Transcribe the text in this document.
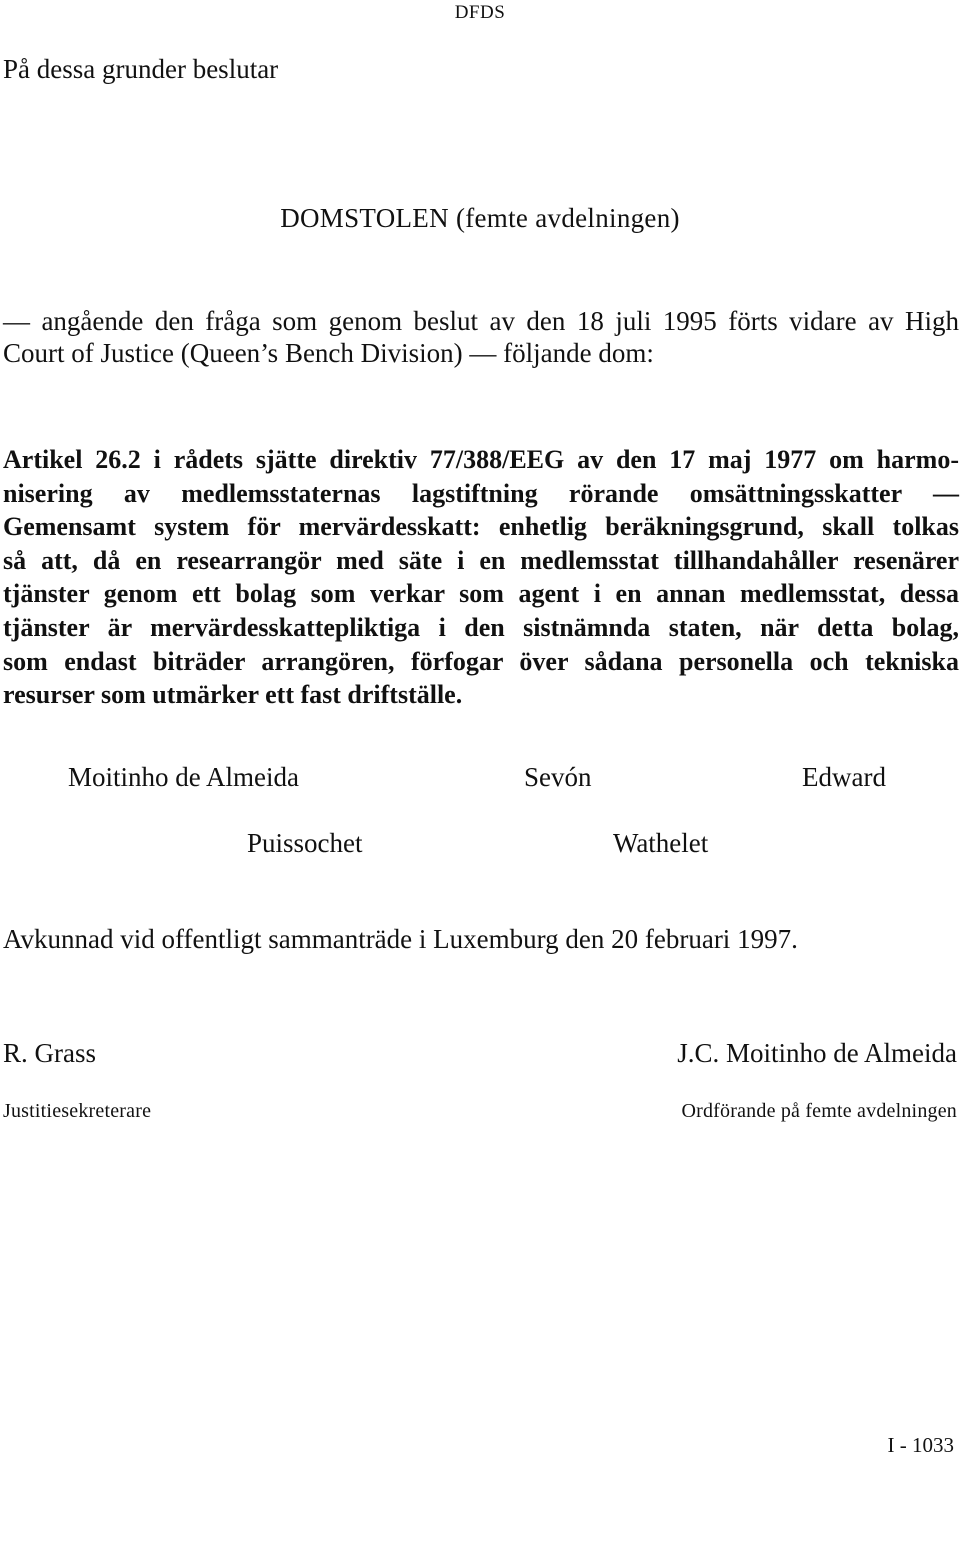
DFDS
På dessa grunder beslutar
DOMSTOLEN (femte avdelningen)
— angående den fråga som genom beslut av den 18 juli 1995 förts vidare av High
Court of Justice (Queen’s Bench Division) — följande dom:
Artikel 26.2 i rådets sjätte direktiv 77/388/EEG av den 17 maj 1977 om harmo-
nisering av medlemsstaternas lagstiftning rörande omsättningsskatter —
Gemensamt system för mervärdesskatt: enhetlig beräkningsgrund, skall tolkas
så att, då en researrangör med säte i en medlemsstat tillhandahåller resenärer
tjänster genom ett bolag som verkar som agent i en annan medlemsstat, dessa
tjänster är mervärdesskattepliktiga i den sistnämnda staten, när detta bolag,
som endast biträder arrangören, förfogar över sådana personella och tekniska
resurser som utmärker ett fast driftställe.
Moitinho de Almeida	Sevón	Edward
Puissochet	Wathelet
Avkunnad vid offentligt sammanträde i Luxemburg den 20 februari 1997.
R. Grass	J.C. Moitinho de Almeida
Justitiesekreterare	Ordförande på femte avdelningen
I - 1033
